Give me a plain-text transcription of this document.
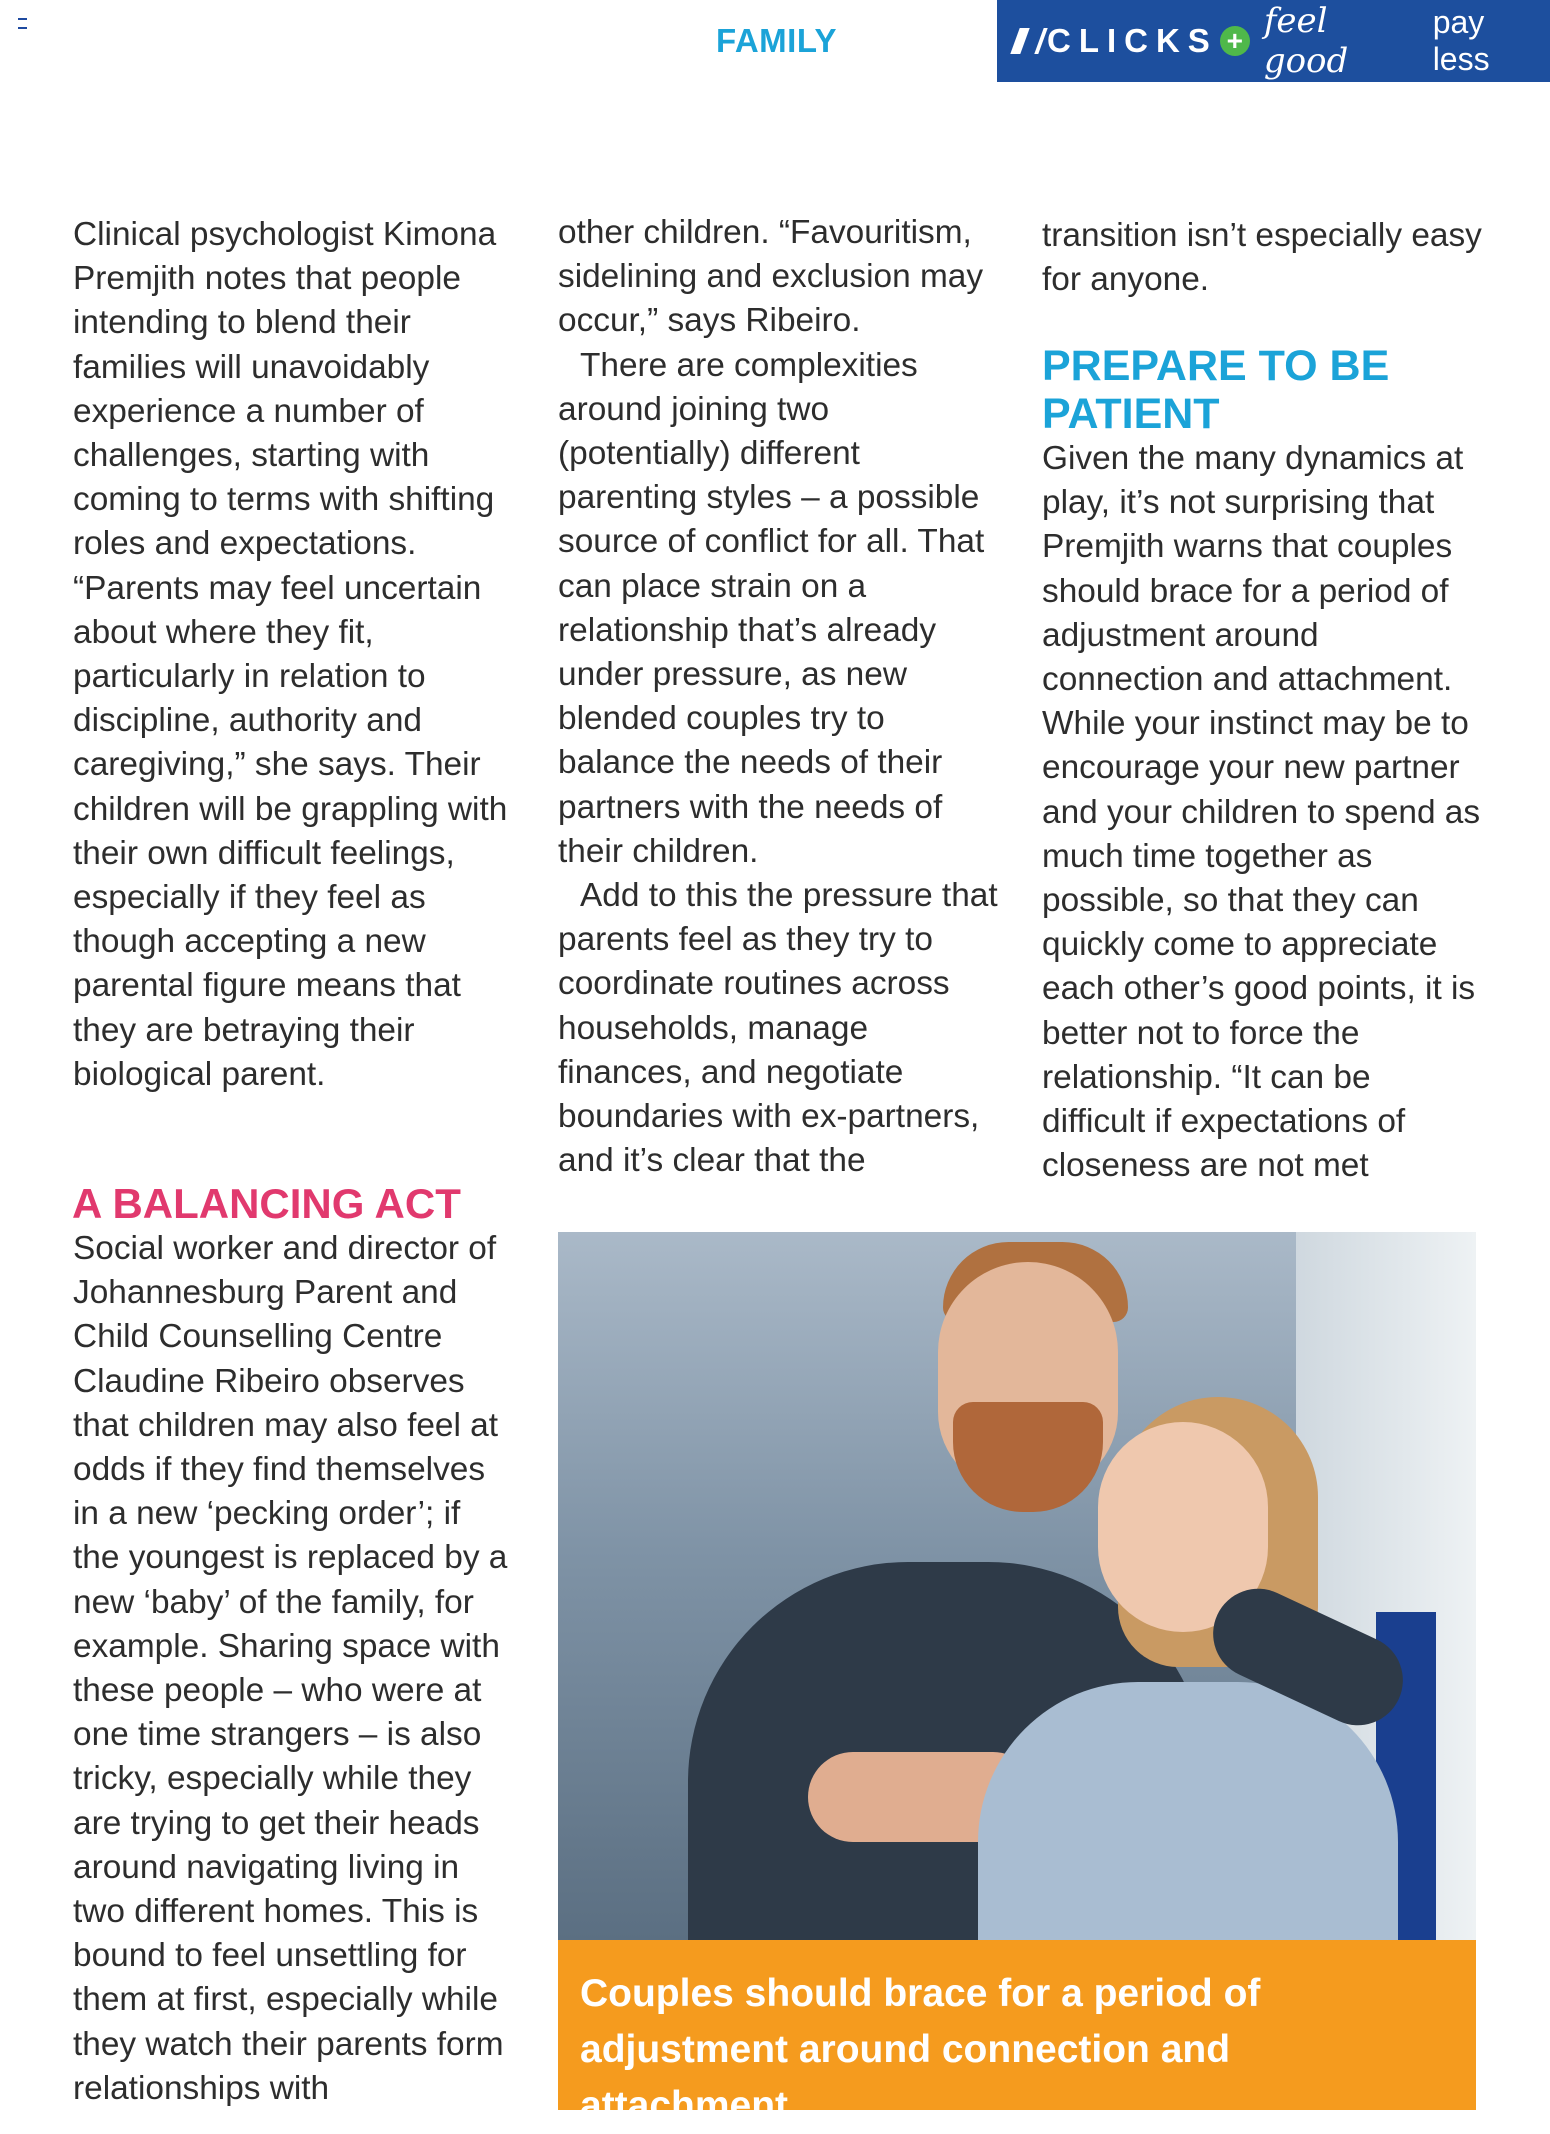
FAMILY	CLICKS + feel good
pay less

Clinical psychologist Kimona Premjith notes that people intending to blend their families will unavoidably experience a number of challenges, starting with coming to terms with shifting roles and expectations. “Parents may feel uncertain about where they fit, particularly in relation to discipline, authority and caregiving,” she says. Their children will be grappling with their own difficult feelings, especially if they feel as though accepting a new parental figure means that they are betraying their biological parent.

A BALANCING ACT

Social worker and director of Johannesburg Parent and Child Counselling Centre Claudine Ribeiro observes that children may also feel at odds if they find themselves in a new ‘pecking order’; if the youngest is replaced by a new ‘baby’ of the family, for example. Sharing space with these people – who were at one time strangers – is also tricky, especially while they are trying to get their heads around navigating living in two different homes. This is bound to feel unsettling for them at first, especially while they watch their parents form relationships with

other children. “Favouritism, sidelining and exclusion may occur,” says Ribeiro.

There are complexities around joining two (potentially) different parenting styles – a possible source of conflict for all. That can place strain on a relationship that’s already under pressure, as new blended couples try to balance the needs of their partners with the needs of their children.

Add to this the pressure that parents feel as they try to coordinate routines across households, manage finances, and negotiate boundaries with ex-partners, and it’s clear that the

transition isn’t especially easy for anyone.

PREPARE TO BE PATIENT

Given the many dynamics at play, it’s not surprising that Premjith warns that couples should brace for a period of adjustment around connection and attachment. While your instinct may be to encourage your new partner and your children to spend as much time together as possible, so that they can quickly come to appreciate each other’s good points, it is better not to force the relationship. “It can be difficult if expectations of closeness are not met

Couples should brace for a period of adjustment around connection and attachment.
